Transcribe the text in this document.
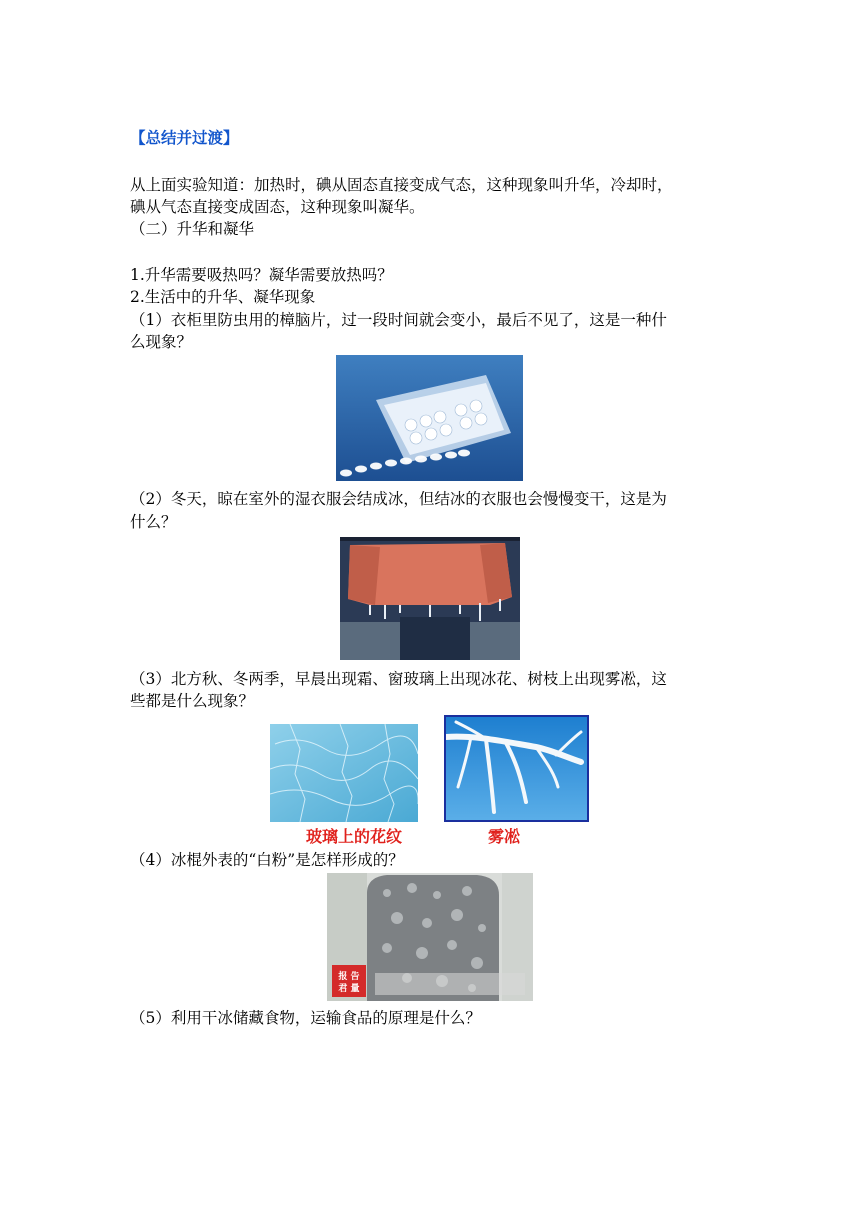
【总结并过渡】
从上面实验知道：加热时，碘从固态直接变成气态，这种现象叫升华，冷却时，
碘从气态直接变成固态，这种现象叫凝华。
（二）升华和凝华
1.升华需要吸热吗？凝华需要放热吗？
2.生活中的升华、凝华现象
（1）衣柜里防虫用的樟脑片，过一段时间就会变小，最后不见了，这是一种什
么现象？
（2）冬天，晾在室外的湿衣服会结成冰，但结冰的衣服也会慢慢变干，这是为
什么？
（3）北方秋、冬两季，早晨出现霜、窗玻璃上出现冰花、树枝上出现雾凇，这
些都是什么现象？
玻璃上的花纹	雾凇
（4）冰棍外表的“白粉”是怎样形成的？
报 告
君 量
（5）利用干冰储藏食物，运输食品的原理是什么？
